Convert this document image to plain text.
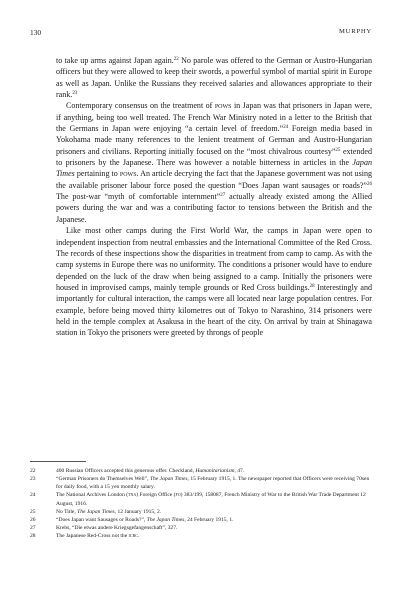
130	MURPHY

to take up arms against Japan again.$^{22}$ No parole was offered to the German or Austro-Hungarian officers but they were allowed to keep their swords, a powerful symbol of martial spirit in Europe as well as Japan. Unlike the Russians they received salaries and allowances appropriate to their rank.$^{23}$

Contemporary consensus on the treatment of pows in Japan was that prisoners in Japan were, if anything, being too well treated. The French War Ministry noted in a letter to the British that the Germans in Japan were enjoying “a certain level of freedom.”$^{24}$ Foreign media based in Yokohama made many references to the lenient treatment of German and Austro-Hungarian prisoners and civilians. Reporting initially focused on the “most chivalrous courtesy”$^{25}$ extended to prisoners by the Japanese. There was however a notable bitterness in articles in the Japan Times pertaining to pows. An article decrying the fact that the Japanese government was not using the available prisoner labour force posed the question “Does Japan want sausages or roads?”$^{26}$ The post-war “myth of comfortable internment”$^{27}$ actually already existed among the Allied powers during the war and was a contributing factor to tensions between the British and the Japanese.

Like most other camps during the First World War, the camps in Japan were open to independent inspection from neutral embassies and the International Committee of the Red Cross. The records of these inspections show the disparities in treatment from camp to camp. As with the camp systems in Europe there was no uniformity. The conditions a prisoner would have to endure depended on the luck of the draw when being assigned to a camp. Initially the prisoners were housed in improvised camps, mainly temple grounds or Red Cross buildings.$^{28}$ Interestingly and importantly for cultural interaction, the camps were all located near large population centres. For example, before being moved thirty kilometres out of Tokyo to Narashino, 314 prisoners were held in the temple complex at Asakusa in the heart of the city. On arrival by train at Shinagawa station in Tokyo the prisoners were greeted by throngs of people

22	400 Russian Officers accepted this generous offer. Checkland, Humanitarianism, 47.
23	“German Prisoners do Themselves Well”, The Japan Times, 15 February 1915, 1. The newspaper reported that Officers were receiving 70sen for daily food, with a 15 yen monthly salary.
24	The National Archives London (tna) Foreign Office (fo) 383/199, 158087, French Ministry of War to the British War Trade Department 12 August, 1916.
25	No Title, The Japan Times, 12 January 1915, 2.
26	“Does Japan want Sausages or Roads?”, The Japan Times, 24 February 1915, 1.
27	Krebs, “Die etwas andere Kriegsgefangenschaft”, 327.
28	The Japanese Red-Cross not the icrc.
